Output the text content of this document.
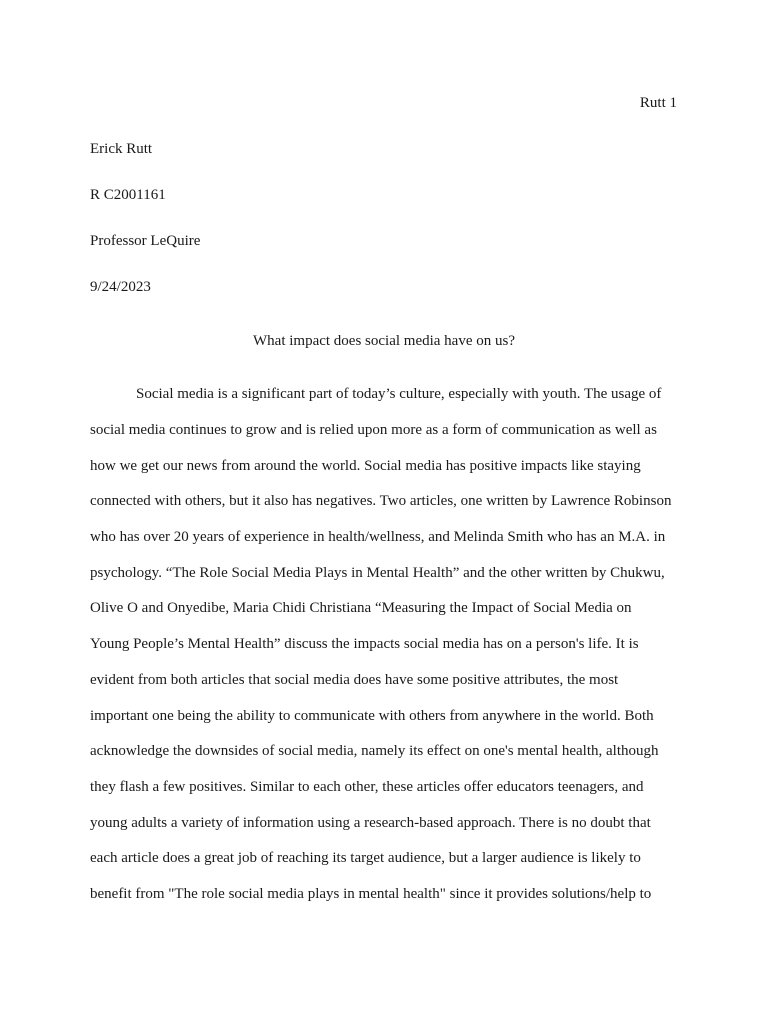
Rutt 1
Erick Rutt
R C2001161
Professor LeQuire
9/24/2023
What impact does social media have on us?
Social media is a significant part of today’s culture, especially with youth. The usage of
social media continues to grow and is relied upon more as a form of communication as well as
how we get our news from around the world. Social media has positive impacts like staying
connected with others, but it also has negatives. Two articles, one written by Lawrence Robinson
who has over 20 years of experience in health/wellness, and Melinda Smith who has an M.A. in
psychology. “The Role Social Media Plays in Mental Health” and the other written by Chukwu,
Olive O and Onyedibe, Maria Chidi Christiana “Measuring the Impact of Social Media on
Young People’s Mental Health” discuss the impacts social media has on a person's life. It is
evident from both articles that social media does have some positive attributes, the most
important one being the ability to communicate with others from anywhere in the world. Both
acknowledge the downsides of social media, namely its effect on one's mental health, although
they flash a few positives. Similar to each other, these articles offer educators teenagers, and
young adults a variety of information using a research-based approach. There is no doubt that
each article does a great job of reaching its target audience, but a larger audience is likely to
benefit from "The role social media plays in mental health" since it provides solutions/help to
